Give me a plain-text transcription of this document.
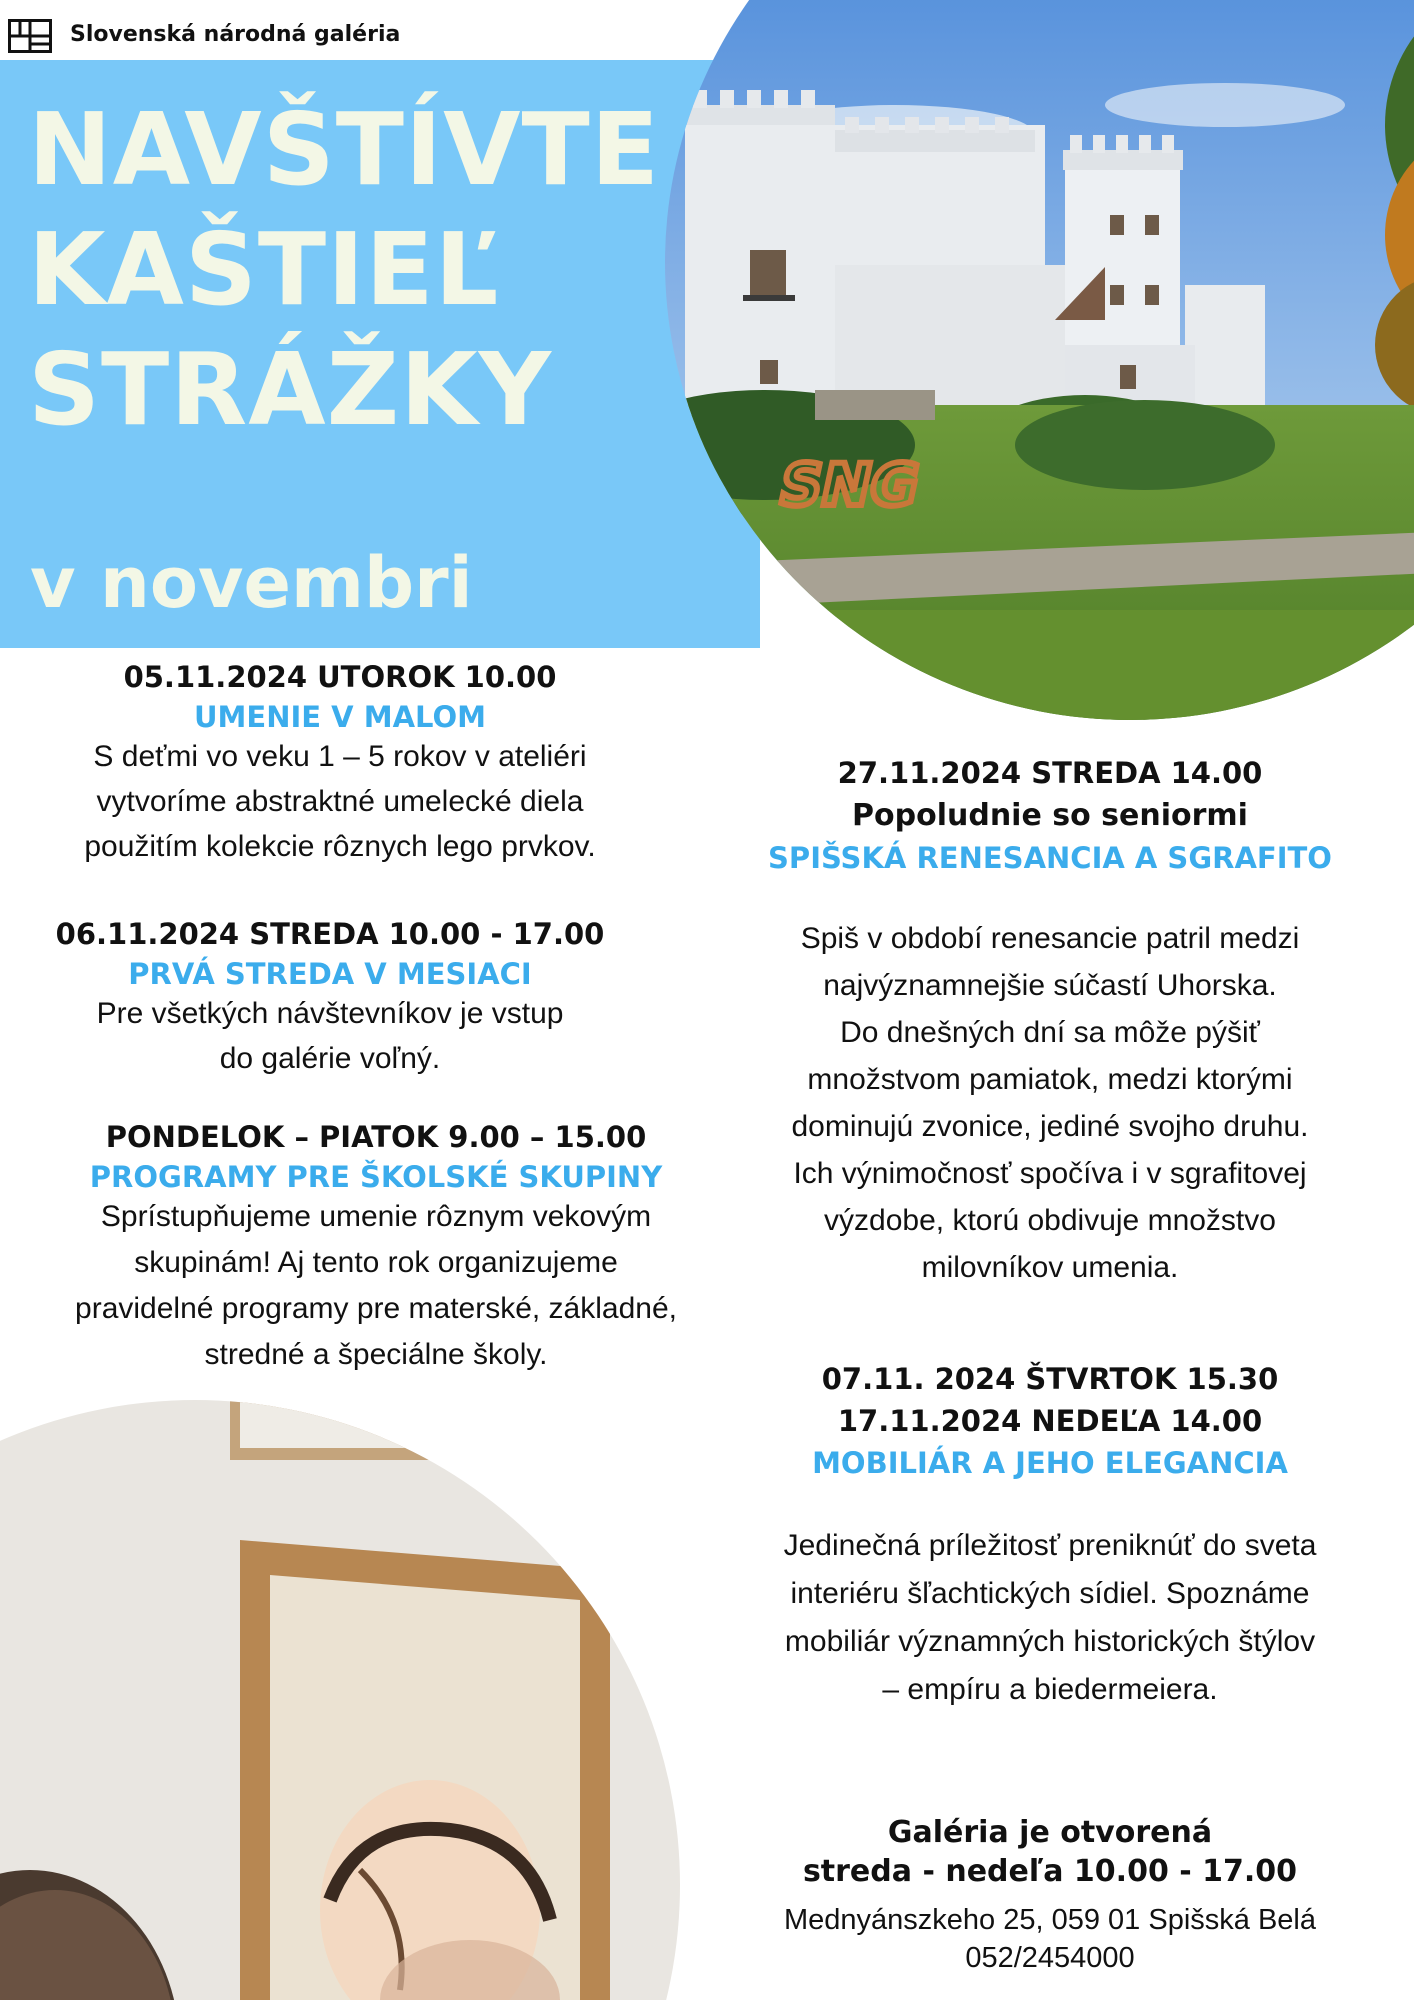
Slovenská národná galéria
SNG
NAVŠTÍVTE
KAŠTIEĽ
STRÁŽKY
v novembri
05.11.2024 UTOROK 10.00
UMENIE V MALOM
S deťmi vo veku 1 – 5 rokov v ateliéri
vytvoríme abstraktné umelecké diela
použitím kolekcie rôznych lego prvkov.
06.11.2024 STREDA 10.00 - 17.00
PRVÁ STREDA V MESIACI
Pre všetkých návštevníkov je vstup
do galérie voľný.
PONDELOK – PIATOK 9.00 – 15.00
PROGRAMY PRE ŠKOLSKÉ SKUPINY
Sprístupňujeme umenie rôznym vekovým
skupinám! Aj tento rok organizujeme
pravidelné programy pre materské, základné,
stredné a špeciálne školy.
27.11.2024 STREDA 14.00
Popoludnie so seniormi
SPIŠSKÁ RENESANCIA A SGRAFITO
Spiš v období renesancie patril medzi
najvýznamnejšie súčastí Uhorska.
Do dnešných dní sa môže pýšiť
množstvom pamiatok, medzi ktorými
dominujú zvonice, jediné svojho druhu.
Ich výnimočnosť spočíva i v sgrafitovej
výzdobe, ktorú obdivuje množstvo
milovníkov umenia.
07.11. 2024 ŠTVRTOK 15.30
17.11.2024 NEDEĽA 14.00
MOBILIÁR A JEHO ELEGANCIA
Jedinečná príležitosť preniknúť do sveta
interiéru šľachtických sídiel. Spoznáme
mobiliár významných historických štýlov
– empíru a biedermeiera.
Galéria je otvorená
streda - nedeľa 10.00 - 17.00
Mednyánszkeho 25, 059 01 Spišská Belá
052/2454000
